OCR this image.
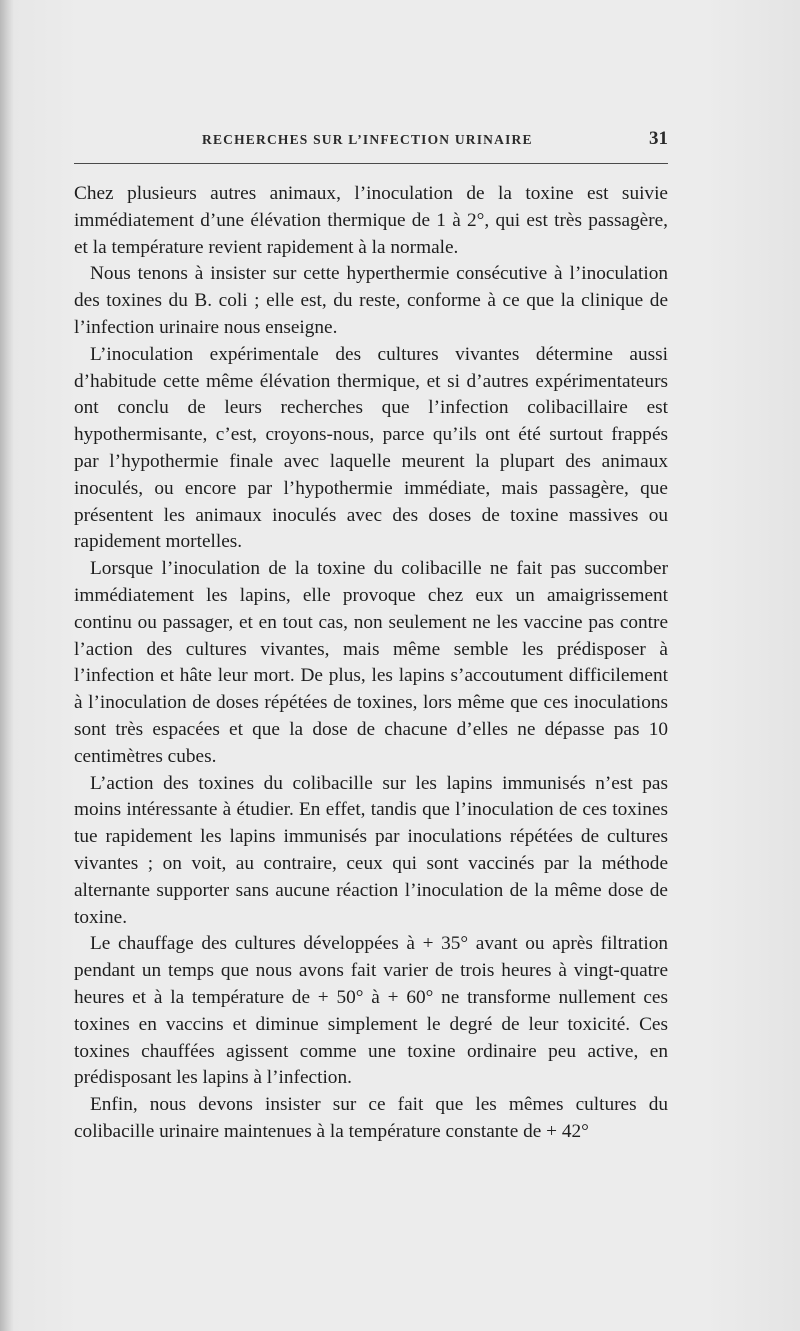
RECHERCHES SUR L’INFECTION URINAIRE	31

Chez plusieurs autres animaux, l’inoculation de la toxine est suivie immédiatement d’une élévation thermique de 1 à 2°, qui est très passagère, et la température revient rapidement à la normale.

Nous tenons à insister sur cette hyperthermie consécutive à l’inoculation des toxines du B. coli ; elle est, du reste, conforme à ce que la clinique de l’infection urinaire nous enseigne.

L’inoculation expérimentale des cultures vivantes détermine aussi d’habitude cette même élévation thermique, et si d’autres expérimentateurs ont conclu de leurs recherches que l’infection colibacillaire est hypothermisante, c’est, croyons-nous, parce qu’ils ont été surtout frappés par l’hypothermie finale avec laquelle meurent la plupart des animaux inoculés, ou encore par l’hypothermie immédiate, mais passagère, que présentent les animaux inoculés avec des doses de toxine massives ou rapidement mortelles.

Lorsque l’inoculation de la toxine du colibacille ne fait pas succomber immédiatement les lapins, elle provoque chez eux un amaigrissement continu ou passager, et en tout cas, non seulement ne les vaccine pas contre l’action des cultures vivantes, mais même semble les prédisposer à l’infection et hâte leur mort. De plus, les lapins s’accoutument difficilement à l’inoculation de doses répétées de toxines, lors même que ces inoculations sont très espacées et que la dose de chacune d’elles ne dépasse pas 10 centimètres cubes.

L’action des toxines du colibacille sur les lapins immunisés n’est pas moins intéressante à étudier. En effet, tandis que l’inoculation de ces toxines tue rapidement les lapins immunisés par inoculations répétées de cultures vivantes ; on voit, au contraire, ceux qui sont vaccinés par la méthode alternante supporter sans aucune réaction l’inoculation de la même dose de toxine.

Le chauffage des cultures développées à + 35° avant ou après filtration pendant un temps que nous avons fait varier de trois heures à vingt-quatre heures et à la température de + 50° à + 60° ne transforme nullement ces toxines en vaccins et diminue simplement le degré de leur toxicité. Ces toxines chauffées agissent comme une toxine ordinaire peu active, en prédisposant les lapins à l’infection.

Enfin, nous devons insister sur ce fait que les mêmes cultures du colibacille urinaire maintenues à la température constante de + 42°
